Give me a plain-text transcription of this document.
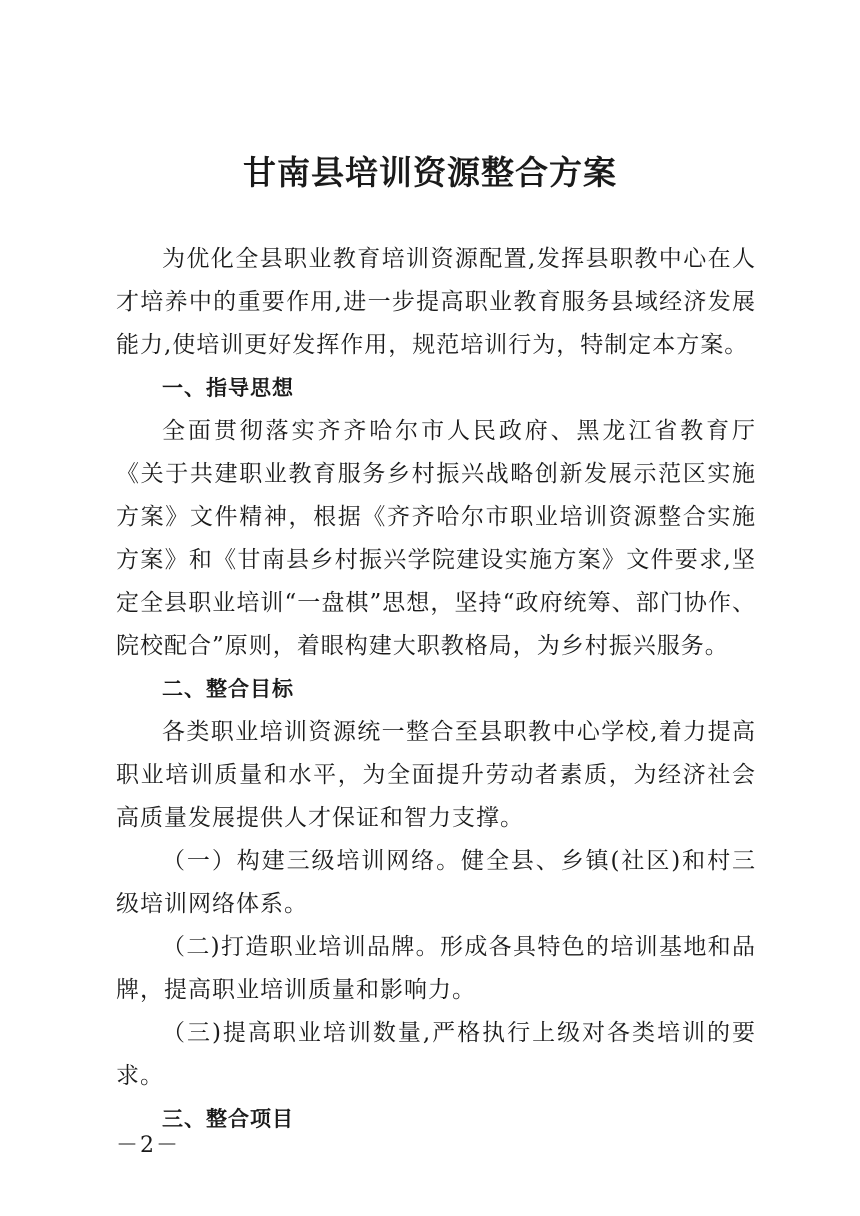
甘南县培训资源整合方案

为优化全县职业教育培训资源配置,发挥县职教中心在人才培养中的重要作用,进一步提高职业教育服务县域经济发展能力,使培训更好发挥作用，规范培训行为，特制定本方案。

一、指导思想

全面贯彻落实齐齐哈尔市人民政府、黑龙江省教育厅《关于共建职业教育服务乡村振兴战略创新发展示范区实施方案》文件精神，根据《齐齐哈尔市职业培训资源整合实施方案》和《甘南县乡村振兴学院建设实施方案》文件要求,坚定全县职业培训“一盘棋”思想，坚持“政府统筹、部门协作、院校配合”原则，着眼构建大职教格局，为乡村振兴服务。

二、整合目标

各类职业培训资源统一整合至县职教中心学校,着力提高职业培训质量和水平，为全面提升劳动者素质，为经济社会高质量发展提供人才保证和智力支撑。

（一）构建三级培训网络。健全县、乡镇(社区)和村三级培训网络体系。

（二)打造职业培训品牌。形成各具特色的培训基地和品牌，提高职业培训质量和影响力。

（三)提高职业培训数量,严格执行上级对各类培训的要求。

三、整合项目

－2－
